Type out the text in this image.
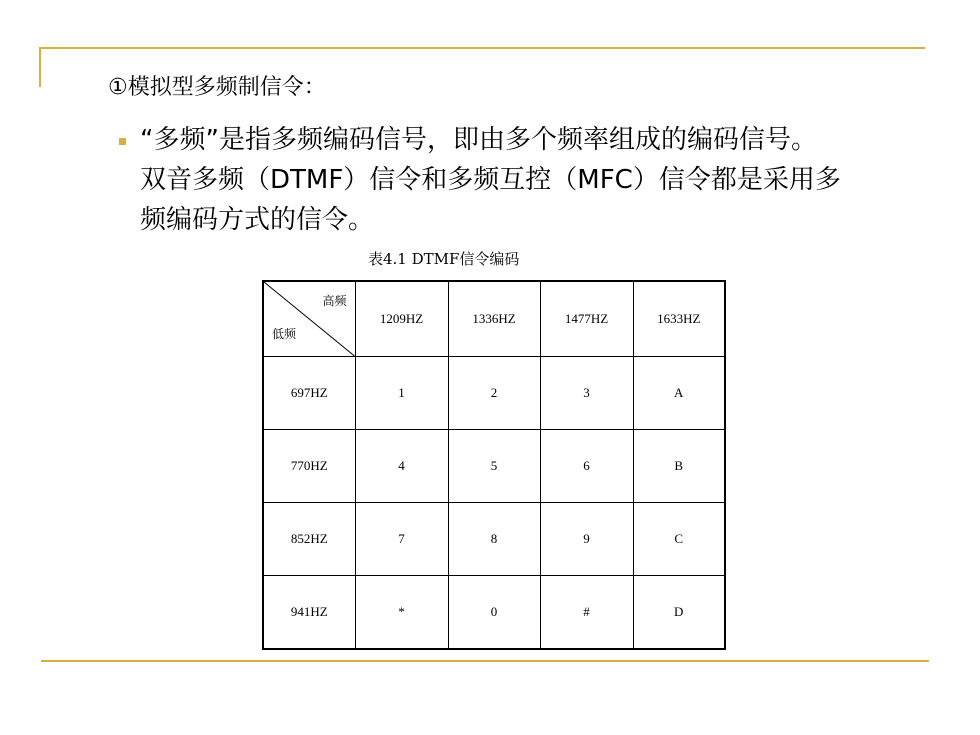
①模拟型多频制信令：
“多频”是指多频编码信号，即由多个频率组成的编码信号。
双音多频（DTMF）信令和多频互控（MFC）信令都是采用多
频编码方式的信令。
表4.1 DTMF信令编码
高频
低频	1209HZ	1336HZ	1477HZ	1633HZ
697HZ	1	2	3	A
770HZ	4	5	6	B
852HZ	7	8	9	C
941HZ	*	0	#	D
